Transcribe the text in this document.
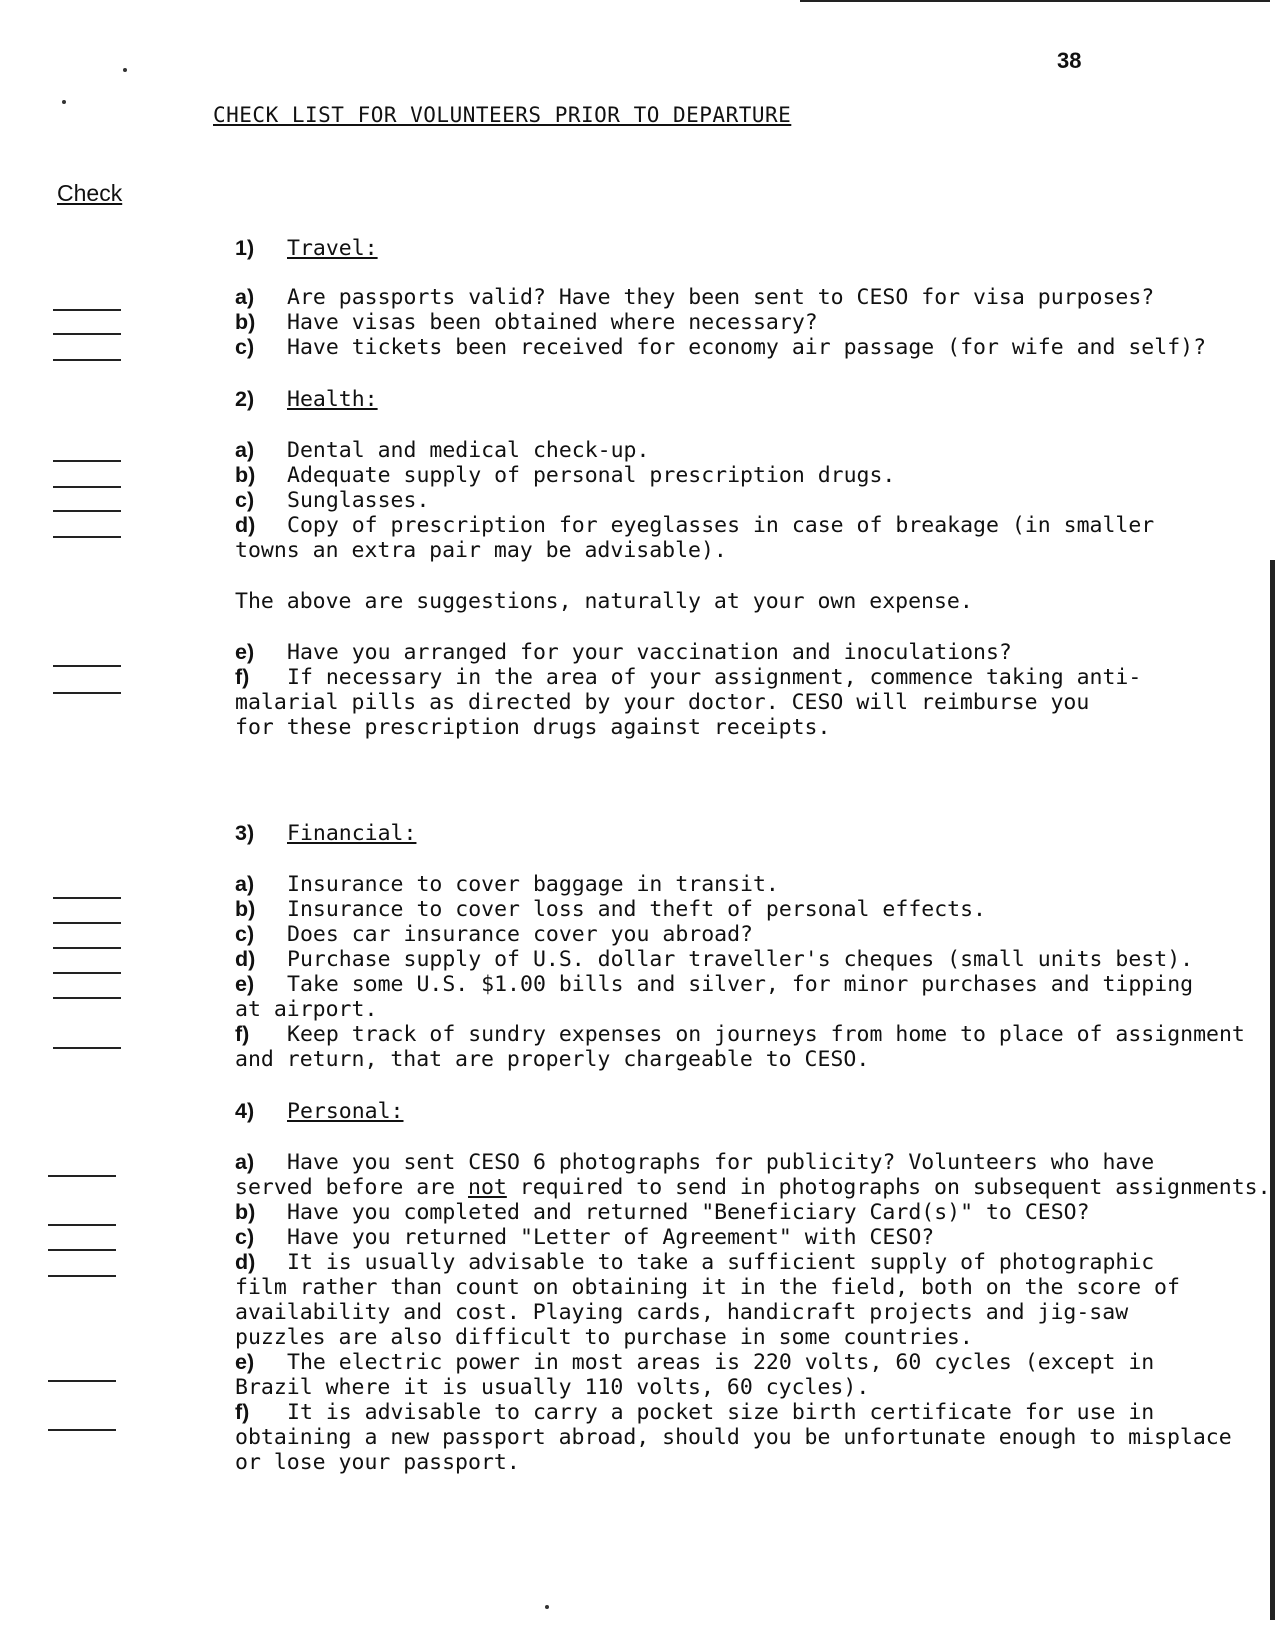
38
CHECK LIST FOR VOLUNTEERS PRIOR TO DEPARTURE
Check
1) Travel:
a) Are passports valid? Have they been sent to CESO for visa purposes?
b) Have visas been obtained where necessary?
c) Have tickets been received for economy air passage (for wife and self)?
2) Health:
a) Dental and medical check-up.
b) Adequate supply of personal prescription drugs.
c) Sunglasses.
d) Copy of prescription for eyeglasses in case of breakage (in smaller
towns an extra pair may be advisable).
The above are suggestions, naturally at your own expense.
e) Have you arranged for your vaccination and inoculations?
f) If necessary in the area of your assignment, commence taking anti-
malarial pills as directed by your doctor. CESO will reimburse you
for these prescription drugs against receipts.
3) Financial:
a) Insurance to cover baggage in transit.
b) Insurance to cover loss and theft of personal effects.
c) Does car insurance cover you abroad?
d) Purchase supply of U.S. dollar traveller's cheques (small units best).
e) Take some U.S. $1.00 bills and silver, for minor purchases and tipping
at airport.
f) Keep track of sundry expenses on journeys from home to place of assignment
and return, that are properly chargeable to CESO.
4) Personal:
a) Have you sent CESO 6 photographs for publicity? Volunteers who have
served before are not required to send in photographs on subsequent assignments.
b) Have you completed and returned "Beneficiary Card(s)" to CESO?
c) Have you returned "Letter of Agreement" with CESO?
d) It is usually advisable to take a sufficient supply of photographic
film rather than count on obtaining it in the field, both on the score of
availability and cost. Playing cards, handicraft projects and jig-saw
puzzles are also difficult to purchase in some countries.
e) The electric power in most areas is 220 volts, 60 cycles (except in
Brazil where it is usually 110 volts, 60 cycles).
f) It is advisable to carry a pocket size birth certificate for use in
obtaining a new passport abroad, should you be unfortunate enough to misplace
or lose your passport.
